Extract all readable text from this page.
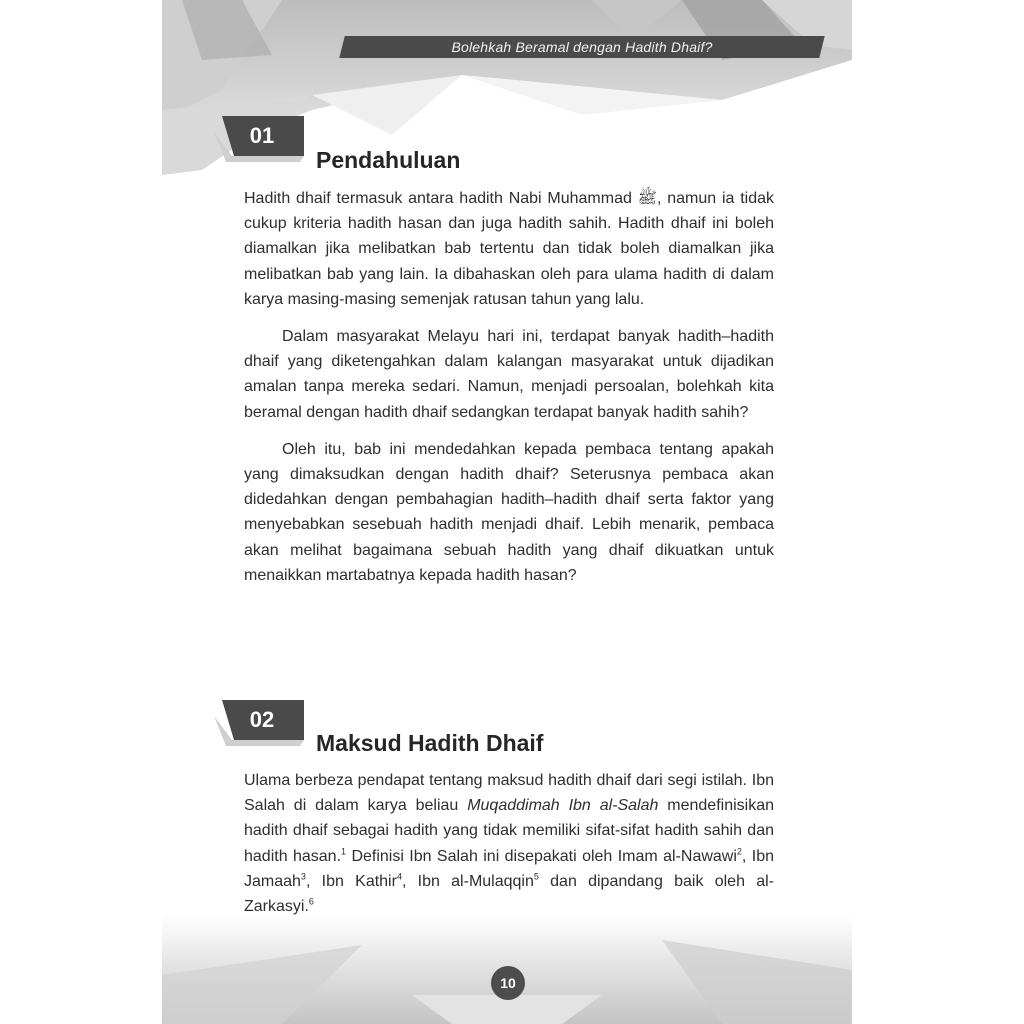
Bolehkah Beramal dengan Hadith Dhaif?
01
Pendahuluan

Hadith dhaif termasuk antara hadith Nabi Muhammad ﷺ, namun ia tidak cukup kriteria hadith hasan dan juga hadith sahih. Hadith dhaif ini boleh diamalkan jika melibatkan bab tertentu dan tidak boleh diamalkan jika melibatkan bab yang lain. Ia dibahaskan oleh para ulama hadith di dalam karya masing-masing semenjak ratusan tahun yang lalu.

Dalam masyarakat Melayu hari ini, terdapat banyak hadith–hadith dhaif yang diketengahkan dalam kalangan masyarakat untuk dijadikan amalan tanpa mereka sedari. Namun, menjadi persoalan, bolehkah kita beramal dengan hadith dhaif sedangkan terdapat banyak hadith sahih?

Oleh itu, bab ini mendedahkan kepada pembaca tentang apakah yang dimaksudkan dengan hadith dhaif? Seterusnya pembaca akan didedahkan dengan pembahagian hadith–hadith dhaif serta faktor yang menyebabkan sesebuah hadith menjadi dhaif. Lebih menarik, pembaca akan melihat bagaimana sebuah hadith yang dhaif dikuatkan untuk menaikkan martabatnya kepada hadith hasan?

02
Maksud Hadith Dhaif

Ulama berbeza pendapat tentang maksud hadith dhaif dari segi istilah. Ibn Salah di dalam karya beliau Muqaddimah Ibn al-Salah mendefinisikan hadith dhaif sebagai hadith yang tidak memiliki sifat-sifat hadith sahih dan hadith hasan.$^1$ Definisi Ibn Salah ini disepakati oleh Imam al-Nawawi$^2$, Ibn Jamaah$^3$, Ibn Kathir$^4$, Ibn al-Mulaqqin$^5$ dan dipandang baik oleh al-Zarkasyi.$^6$

10
